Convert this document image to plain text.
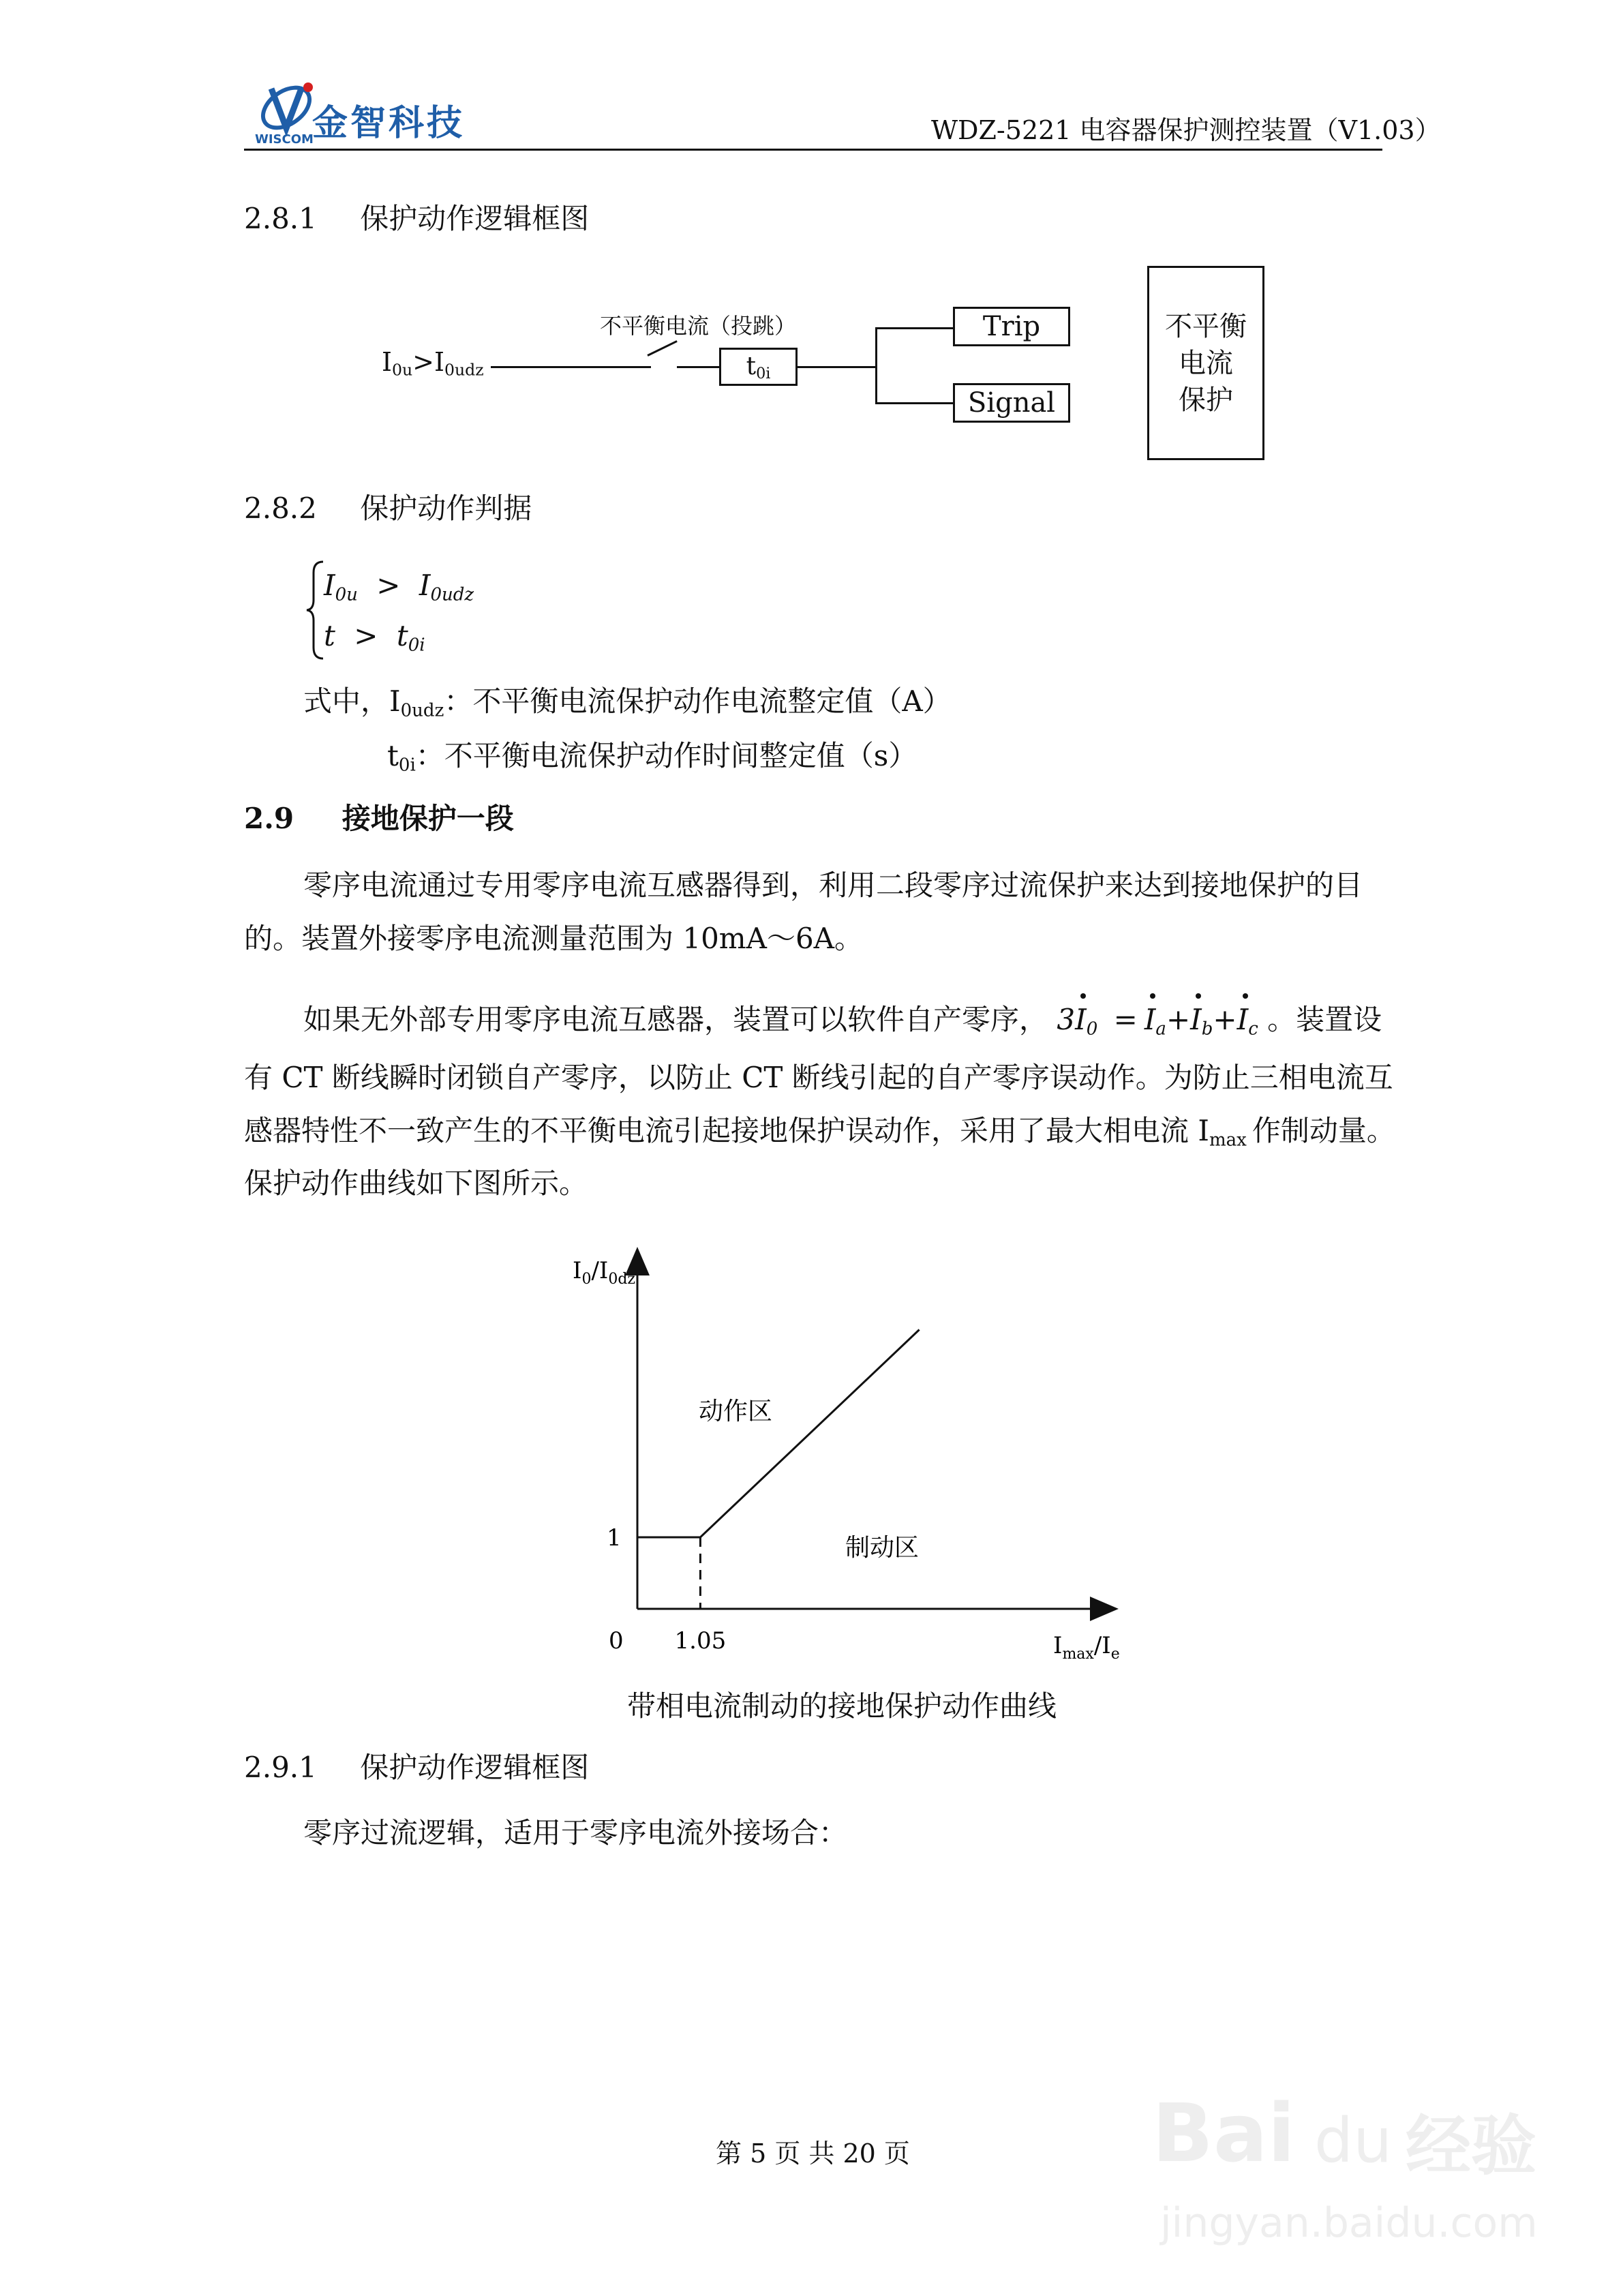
金智科技
WISCOM	WDZ-5221 电容器保护测控装置（V1.03）
2.8.1 保护动作逻辑框图
$I_{0u}>I_{0udz}$
不平衡电流（投跳）
$t_{0i}$
Trip
Signal
不平衡
电流
保护
2.8.2 保护动作判据
$I_{0u} > I_{0udz}$
$t > t_{0i}$
式中，$I_{0udz}$：不平衡电流保护动作电流整定值（A）
$t_{0i}$：不平衡电流保护动作时间整定值（s）
2.9 接地保护一段
零序电流通过专用零序电流互感器得到，利用二段零序过流保护来达到接地保护的目
的。装置外接零序电流测量范围为 10mA～6A。
如果无外部专用零序电流互感器，装置可以软件自产零序， 3
$I_0 = I_a+$
$I_b+$
$I_c$ 。装置设
有 CT 断线瞬时闭锁自产零序，以防止 CT 断线引起的自产零序误动作。为防止三相电流互
感器特性不一致产生的不平衡电流引起接地保护误动作，采用了最大相电流 $I_{max}$ 作制动量。
保护动作曲线如下图所示。
$I_0/I_{0dz}$
$I_{max}/I_e$
0 1.05
1
动作区
制动区
带相电流制动的接地保护动作曲线
2.9.1 保护动作逻辑框图
零序过流逻辑，适用于零序电流外接场合：
第 5 页 共 20 页	Bai du 经验
jingyan.baidu.com
